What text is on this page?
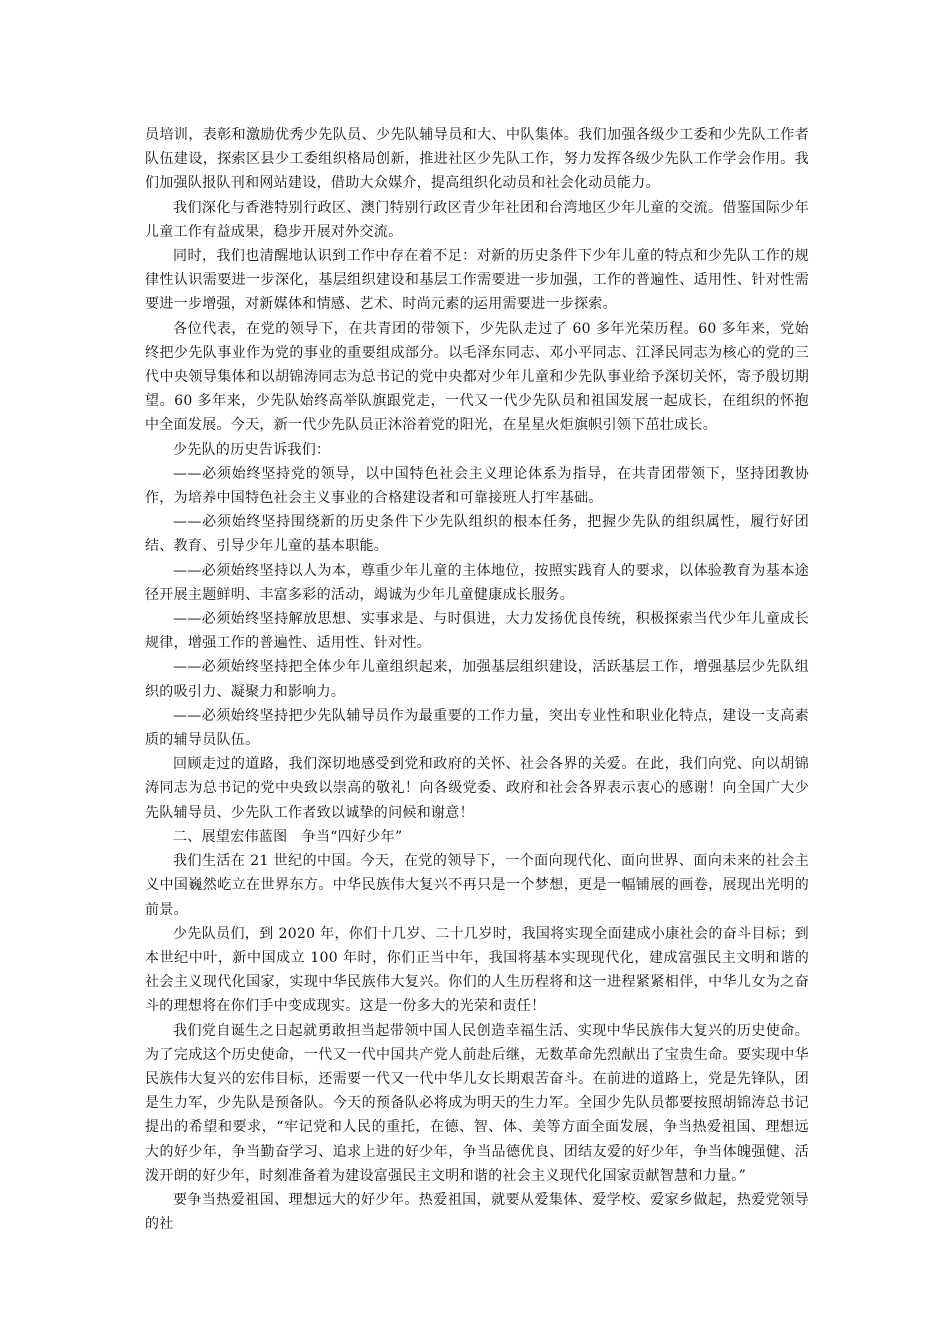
员培训，表彰和激励优秀少先队员、少先队辅导员和大、中队集体。我们加强各级少工委和少先队工作者队伍建设，探索区县少工委组织格局创新，推进社区少先队工作，努力发挥各级少先队工作学会作用。我们加强队报队刊和网站建设，借助大众媒介，提高组织化动员和社会化动员能力。

我们深化与香港特别行政区、澳门特别行政区青少年社团和台湾地区少年儿童的交流。借鉴国际少年儿童工作有益成果，稳步开展对外交流。

同时，我们也清醒地认识到工作中存在着不足：对新的历史条件下少年儿童的特点和少先队工作的规律性认识需要进一步深化，基层组织建设和基层工作需要进一步加强，工作的普遍性、适用性、针对性需要进一步增强，对新媒体和情感、艺术、时尚元素的运用需要进一步探索。

各位代表，在党的领导下，在共青团的带领下，少先队走过了 60 多年光荣历程。60 多年来，党始终把少先队事业作为党的事业的重要组成部分。以毛泽东同志、邓小平同志、江泽民同志为核心的党的三代中央领导集体和以胡锦涛同志为总书记的党中央都对少年儿童和少先队事业给予深切关怀，寄予殷切期望。60 多年来，少先队始终高举队旗跟党走，一代又一代少先队员和祖国发展一起成长，在组织的怀抱中全面发展。今天，新一代少先队员正沐浴着党的阳光，在星星火炬旗帜引领下茁壮成长。

少先队的历史告诉我们：

——必须始终坚持党的领导，以中国特色社会主义理论体系为指导，在共青团带领下，坚持团教协作，为培养中国特色社会主义事业的合格建设者和可靠接班人打牢基础。

——必须始终坚持围绕新的历史条件下少先队组织的根本任务，把握少先队的组织属性，履行好团结、教育、引导少年儿童的基本职能。

——必须始终坚持以人为本，尊重少年儿童的主体地位，按照实践育人的要求，以体验教育为基本途径开展主题鲜明、丰富多彩的活动，竭诚为少年儿童健康成长服务。

——必须始终坚持解放思想、实事求是、与时俱进，大力发扬优良传统，积极探索当代少年儿童成长规律，增强工作的普遍性、适用性、针对性。

——必须始终坚持把全体少年儿童组织起来，加强基层组织建设，活跃基层工作，增强基层少先队组织的吸引力、凝聚力和影响力。

——必须始终坚持把少先队辅导员作为最重要的工作力量，突出专业性和职业化特点，建设一支高素质的辅导员队伍。

回顾走过的道路，我们深切地感受到党和政府的关怀、社会各界的关爱。在此，我们向党、向以胡锦涛同志为总书记的党中央致以崇高的敬礼！向各级党委、政府和社会各界表示衷心的感谢！向全国广大少先队辅导员、少先队工作者致以诚挚的问候和谢意！

二、展望宏伟蓝图　争当“四好少年”

我们生活在 21 世纪的中国。今天，在党的领导下，一个面向现代化、面向世界、面向未来的社会主义中国巍然屹立在世界东方。中华民族伟大复兴不再只是一个梦想，更是一幅铺展的画卷，展现出光明的前景。

少先队员们，到 2020 年，你们十几岁、二十几岁时，我国将实现全面建成小康社会的奋斗目标；到本世纪中叶，新中国成立 100 年时，你们正当中年，我国将基本实现现代化，建成富强民主文明和谐的社会主义现代化国家，实现中华民族伟大复兴。你们的人生历程将和这一进程紧紧相伴，中华儿女为之奋斗的理想将在你们手中变成现实。这是一份多大的光荣和责任！

我们党自诞生之日起就勇敢担当起带领中国人民创造幸福生活、实现中华民族伟大复兴的历史使命。为了完成这个历史使命，一代又一代中国共产党人前赴后继，无数革命先烈献出了宝贵生命。要实现中华民族伟大复兴的宏伟目标，还需要一代又一代中华儿女长期艰苦奋斗。在前进的道路上，党是先锋队，团是生力军，少先队是预备队。今天的预备队必将成为明天的生力军。全国少先队员都要按照胡锦涛总书记提出的希望和要求，“牢记党和人民的重托，在德、智、体、美等方面全面发展，争当热爱祖国、理想远大的好少年，争当勤奋学习、追求上进的好少年，争当品德优良、团结友爱的好少年，争当体魄强健、活泼开朗的好少年，时刻准备着为建设富强民主文明和谐的社会主义现代化国家贡献智慧和力量。”

要争当热爱祖国、理想远大的好少年。热爱祖国，就要从爱集体、爱学校、爱家乡做起，热爱党领导的社
